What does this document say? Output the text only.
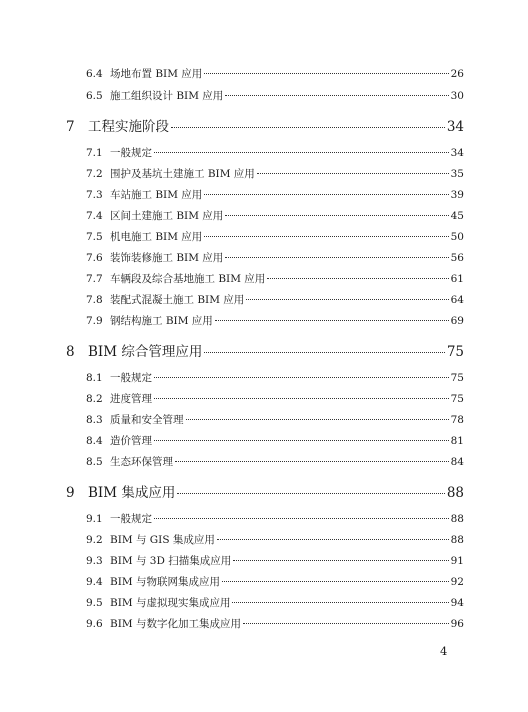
6.4 场地布置 BIM 应用	26
6.5 施工组织设计 BIM 应用	30
7 工程实施阶段	34
7.1 一般规定	34
7.2 围护及基坑土建施工 BIM 应用	35
7.3 车站施工 BIM 应用	39
7.4 区间土建施工 BIM 应用	45
7.5 机电施工 BIM 应用	50
7.6 装饰装修施工 BIM 应用	56
7.7 车辆段及综合基地施工 BIM 应用	61
7.8 装配式混凝土施工 BIM 应用	64
7.9 钢结构施工 BIM 应用	69
8 BIM 综合管理应用	75
8.1 一般规定	75
8.2 进度管理	75
8.3 质量和安全管理	78
8.4 造价管理	81
8.5 生态环保管理	84
9 BIM 集成应用	88
9.1 一般规定	88
9.2 BIM 与 GIS 集成应用	88
9.3 BIM 与 3D 扫描集成应用	91
9.4 BIM 与物联网集成应用	92
9.5 BIM 与虚拟现实集成应用	94
9.6 BIM 与数字化加工集成应用	96
4
